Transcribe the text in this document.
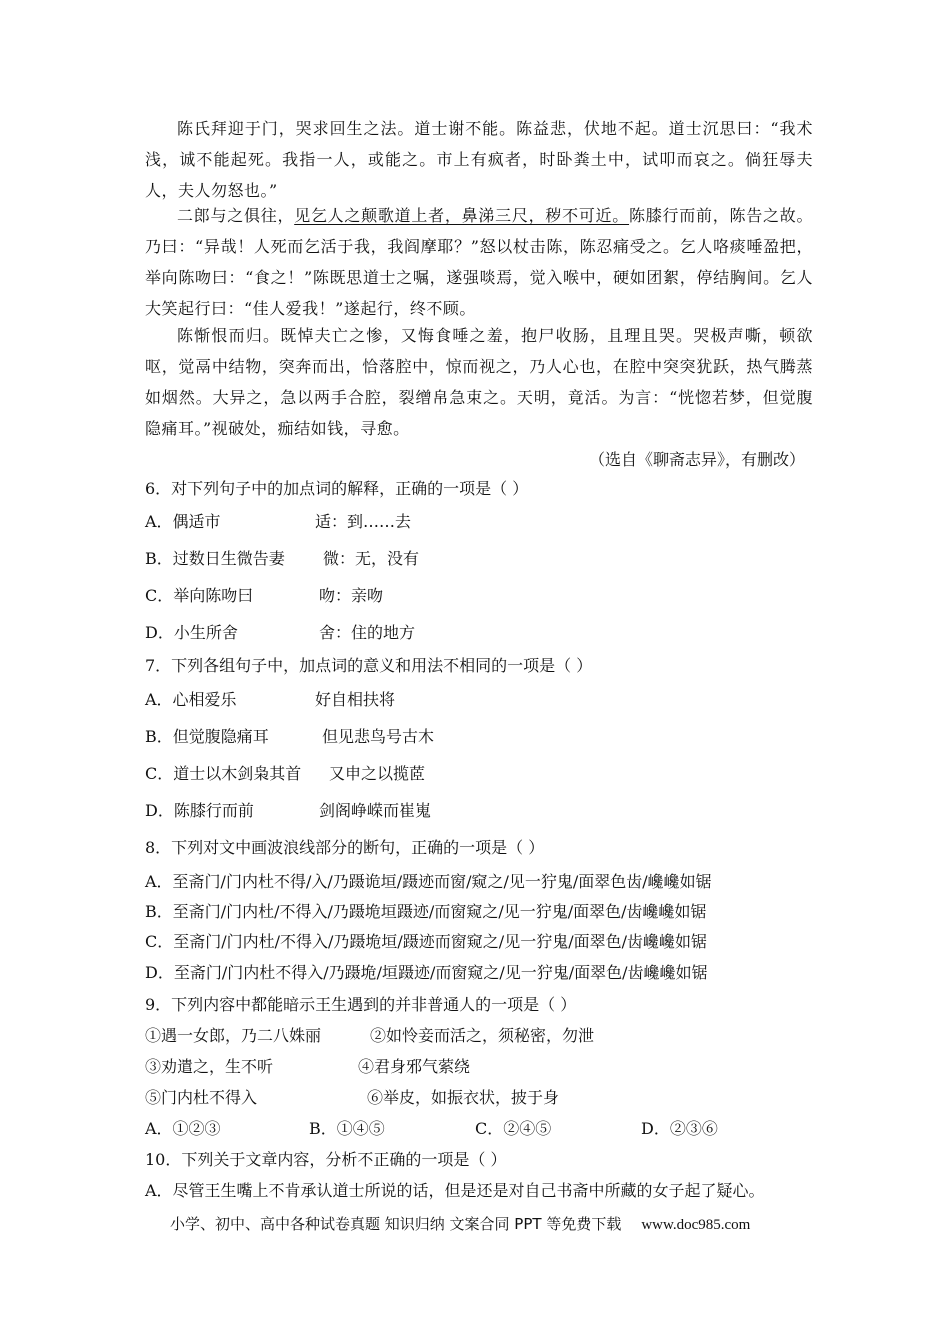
陈氏拜迎于门，哭求回生之法。道士谢不能。陈益悲，伏地不起。道士沉思曰：“我术浅，诚不能起死。我指一人，或能之。市上有疯者，时卧粪土中，试叩而哀之。倘狂辱夫人，夫人勿怒也。”

二郎与之俱往，见乞人之颠歌道上者，鼻涕三尺，秽不可近。陈膝行而前，陈告之故。乃曰：“异哉！人死而乞活于我，我阎摩耶？”怒以杖击陈，陈忍痛受之。乞人咯痰唾盈把，举向陈吻曰：“食之！”陈既思道士之嘱，遂强啖焉，觉入喉中，硬如团絮，停结胸间。乞人大笑起行曰：“佳人爱我！”遂起行，终不顾。

陈惭恨而归。既悼夫亡之惨，又悔食唾之羞，抱尸收肠，且理且哭。哭极声嘶，顿欲呕，觉鬲中结物，突奔而出，恰落腔中，惊而视之，乃人心也，在腔中突突犹跃，热气腾蒸如烟然。大异之，急以两手合腔，裂缯帛急束之。天明，竟活。为言：“恍惚若梦，但觉腹隐痛耳。”视破处，痂结如钱，寻愈。

（选自《聊斋志异》，有删改）
6．对下列句子中的加点词的解释，正确的一项是（ ）
A．偶适市	适：到……去
B．过数日生微告妻 微：无，没有
C．举向陈吻曰	吻：亲吻
D．小生所舍	舍：住的地方
7．下列各组句子中，加点词的意义和用法不相同的一项是（ ）
A．心相爱乐	好自相扶将
B．但觉腹隐痛耳	但见悲鸟号古木
C．道士以木剑枭其首 又申之以揽茝
D．陈膝行而前	剑阁峥嵘而崔嵬
8．下列对文中画波浪线部分的断句，正确的一项是（ ）
A．至斋门/门内杜不得/入/乃蹑诡垣/蹑迹而窗/窥之/见一狞鬼/面翠色齿/巉巉如锯
B．至斋门/门内杜/不得入/乃蹑垝垣蹑迹/而窗窥之/见一狞鬼/面翠色/齿巉巉如锯
C．至斋门/门内杜/不得入/乃蹑垝垣/蹑迹而窗窥之/见一狞鬼/面翠色/齿巉巉如锯
D．至斋门/门内杜不得入/乃蹑垝/垣蹑迹/而窗窥之/见一狞鬼/面翠色/齿巉巉如锯
9．下列内容中都能暗示王生遇到的并非普通人的一项是（ ）
①遇一女郎，乃二八姝丽	②如怜妾而活之，须秘密，勿泄
③劝遣之，生不听	④君身邪气萦绕
⑤门内杜不得入	⑥举皮，如振衣状，披于身
A．①②③	B．①④⑤	C．②④⑤	D．②③⑥
10．下列关于文章内容，分析不正确的一项是（ ）
A．尽管王生嘴上不肯承认道士所说的话，但是还是对自己书斋中所藏的女子起了疑心。
小学、初中、高中各种试卷真题 知识归纳 文案合同 PPT 等免费下载 www.doc985.com
